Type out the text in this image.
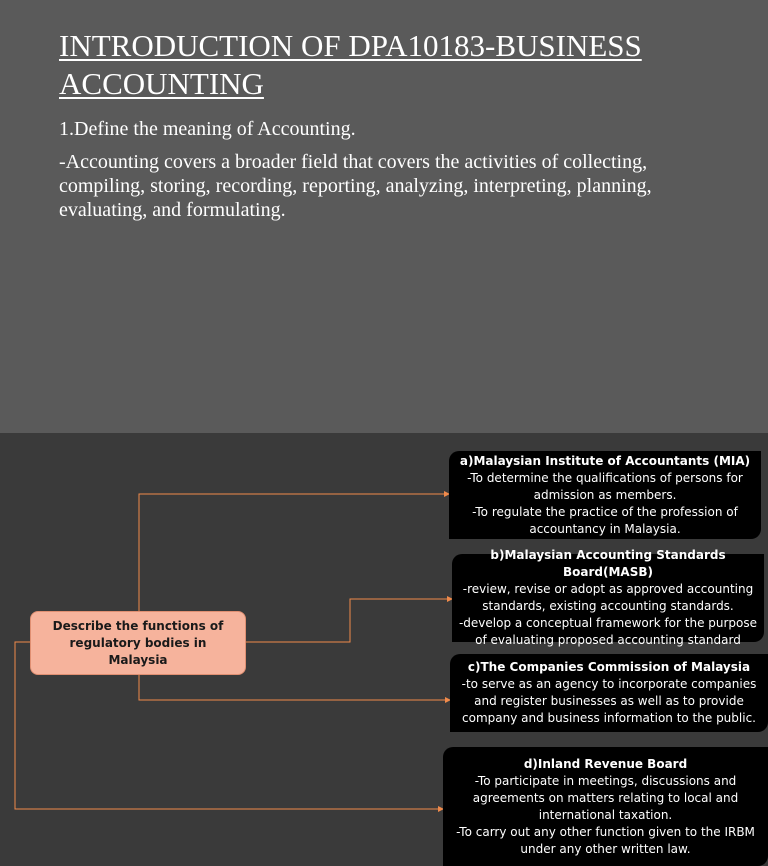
INTRODUCTION OF DPA10183-BUSINESS ACCOUNTING

1.Define the meaning of Accounting.

-Accounting covers a broader field that covers the activities of collecting, compiling, storing, recording, reporting, analyzing, interpreting, planning, evaluating, and formulating.

Describe the functions of regulatory bodies in Malaysia
a)Malaysian Institute of Accountants (MIA)
-To determine the qualifications of persons for admission as members.
-To regulate the practice of the profession of accountancy in Malaysia.
b)Malaysian Accounting Standards Board(MASB)
-review, revise or adopt as approved accounting standards, existing accounting standards.
-develop a conceptual framework for the purpose of evaluating proposed accounting standard
c)The Companies Commission of Malaysia
-to serve as an agency to incorporate companies and register businesses as well as to provide company and business information to the public.
d)Inland Revenue Board
-To participate in meetings, discussions and agreements on matters relating to local and international taxation.
-To carry out any other function given to the IRBM under any other written law.
